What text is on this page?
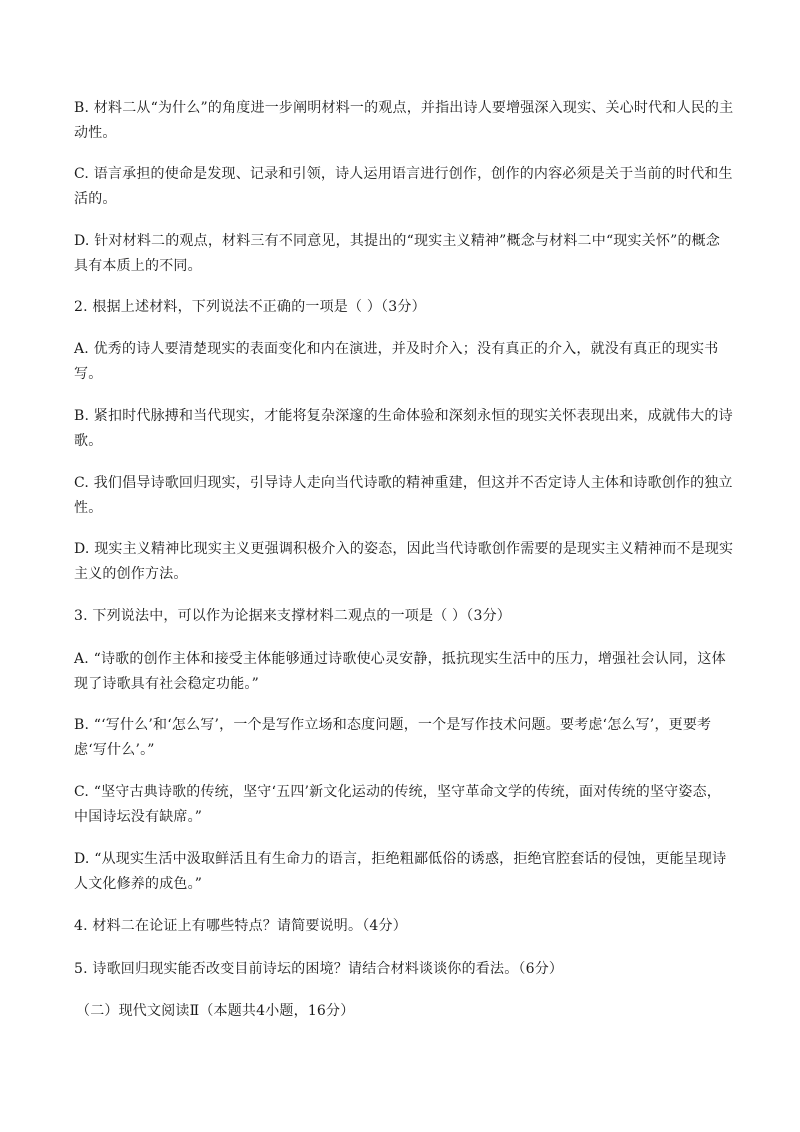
B. 材料二从“为什么”的角度进一步阐明材料一的观点，并指出诗人要增强深入现实、关心时代和人民的主动性。

C. 语言承担的使命是发现、记录和引领，诗人运用语言进行创作，创作的内容必须是关于当前的时代和生活的。

D. 针对材料二的观点，材料三有不同意见，其提出的“现实主义精神”概念与材料二中“现实关怀”的概念具有本质上的不同。

2. 根据上述材料，下列说法不正确的一项是（ ）（3分）

A. 优秀的诗人要清楚现实的表面变化和内在演进，并及时介入；没有真正的介入，就没有真正的现实书写。

B. 紧扣时代脉搏和当代现实，才能将复杂深邃的生命体验和深刻永恒的现实关怀表现出来，成就伟大的诗歌。

C. 我们倡导诗歌回归现实，引导诗人走向当代诗歌的精神重建，但这并不否定诗人主体和诗歌创作的独立性。

D. 现实主义精神比现实主义更强调积极介入的姿态，因此当代诗歌创作需要的是现实主义精神而不是现实主义的创作方法。

3. 下列说法中，可以作为论据来支撑材料二观点的一项是（ ）（3分）

A. “诗歌的创作主体和接受主体能够通过诗歌使心灵安静，抵抗现实生活中的压力，增强社会认同，这体现了诗歌具有社会稳定功能。”

B. “‘写什么’和‘怎么写’，一个是写作立场和态度问题，一个是写作技术问题。要考虑‘怎么写’，更要考虑‘写什么’。”

C. “坚守古典诗歌的传统，坚守‘五四’新文化运动的传统，坚守革命文学的传统，面对传统的坚守姿态，中国诗坛没有缺席。”

D. “从现实生活中汲取鲜活且有生命力的语言，拒绝粗鄙低俗的诱惑，拒绝官腔套话的侵蚀，更能呈现诗人文化修养的成色。”

4. 材料二在论证上有哪些特点？请简要说明。（4分）

5. 诗歌回归现实能否改变目前诗坛的困境？请结合材料谈谈你的看法。（6分）

（二）现代文阅读Ⅱ（本题共4小题，16分）
